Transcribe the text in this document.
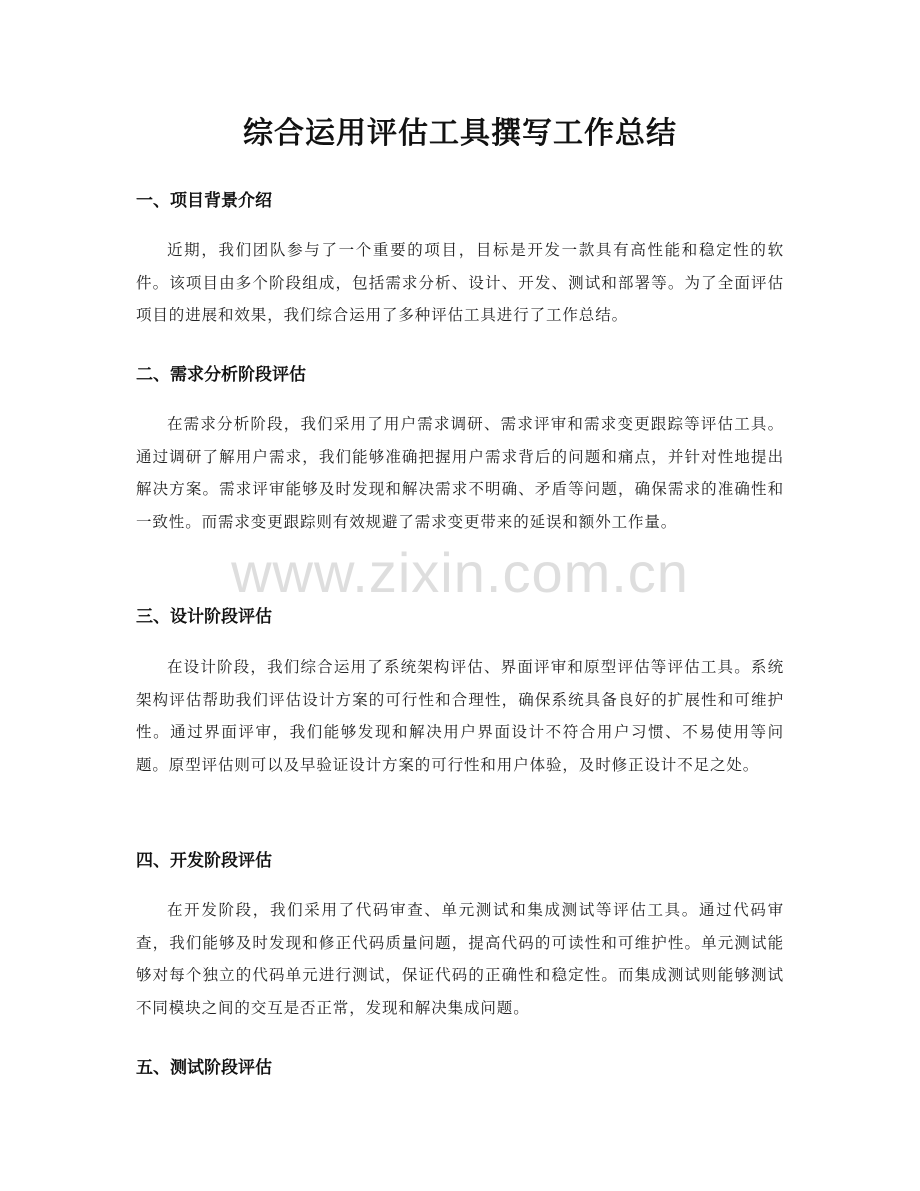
综合运用评估工具撰写工作总结
一、项目背景介绍

近期，我们团队参与了一个重要的项目，目标是开发一款具有高性能和稳定性的软件。该项目由多个阶段组成，包括需求分析、设计、开发、测试和部署等。为了全面评估项目的进展和效果，我们综合运用了多种评估工具进行了工作总结。

二、需求分析阶段评估

在需求分析阶段，我们采用了用户需求调研、需求评审和需求变更跟踪等评估工具。通过调研了解用户需求，我们能够准确把握用户需求背后的问题和痛点，并针对性地提出解决方案。需求评审能够及时发现和解决需求不明确、矛盾等问题，确保需求的准确性和一致性。而需求变更跟踪则有效规避了需求变更带来的延误和额外工作量。

三、设计阶段评估

在设计阶段，我们综合运用了系统架构评估、界面评审和原型评估等评估工具。系统架构评估帮助我们评估设计方案的可行性和合理性，确保系统具备良好的扩展性和可维护性。通过界面评审，我们能够发现和解决用户界面设计不符合用户习惯、不易使用等问题。原型评估则可以及早验证设计方案的可行性和用户体验，及时修正设计不足之处。

四、开发阶段评估

在开发阶段，我们采用了代码审查、单元测试和集成测试等评估工具。通过代码审查，我们能够及时发现和修正代码质量问题，提高代码的可读性和可维护性。单元测试能够对每个独立的代码单元进行测试，保证代码的正确性和稳定性。而集成测试则能够测试不同模块之间的交互是否正常，发现和解决集成问题。

五、测试阶段评估
www.zixin.com.cn
